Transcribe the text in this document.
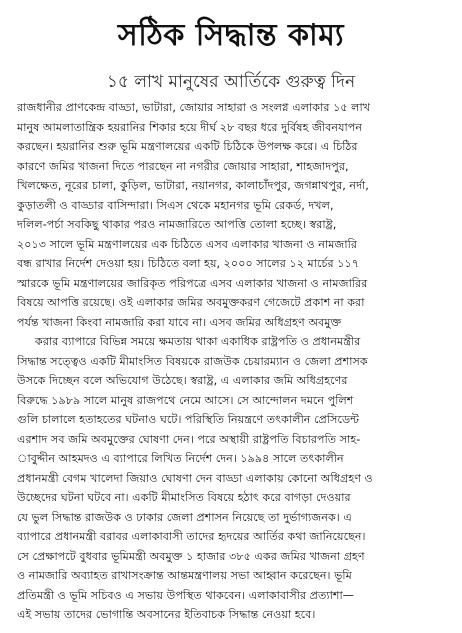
সঠিক সিদ্ধান্ত কাম্য
১৫ লাখ মানুষের আর্তিকে গুরুত্ব দিন
রাজধানীর প্রাণকেন্দ্র বাড্ডা, ভাটারা, জোয়ার সাহারা ও সংলগ্ন এলাকার ১৫ লাখ
মানুষ আমলাতান্ত্রিক হয়রানির শিকার হয়ে দীর্ঘ ২৮ বছর ধরে দুর্বিষহ জীবনযাপন
করছেন। হয়রানির শুরু ভূমি মন্ত্রণালয়ের একটি চিঠিকে উপলক্ষ করে। এ চিঠির
কারণে জমির খাজনা দিতে পারছেন না নগরীর জোয়ার সাহারা, শাহজাদপুর,
খিলক্ষেত, নূরের চালা, কুড়িল, ভাটারা, নয়ানগর, কালাচাঁদপুর, জগন্নাথপুর, নর্দা,
কুড়াতলী ও বাড্ডার বাসিন্দারা। সিএস থেকে মহানগর ভূমি রেকর্ড, দখল,
দলিল-পর্চা সবকিছু থাকার পরও নামজারিতে আপত্তি তোলা হচ্ছে। স্বরাষ্ট্র,
২০১৩ সালে ভূমি মন্ত্রণালয়ের এক চিঠিতে এসব এলাকার খাজনা ও নামজারি
বন্ধ রাখার নির্দেশ দেওয়া হয়। চিঠিতে বলা হয়, ২০০০ সালের ১২ মার্চের ১১৭
স্মারকে ভূমি মন্ত্রণালয়ের জারিকৃত পরিপত্রে এসব এলাকার খাজনা ও নামজারির
বিষয়ে আপত্তি রয়েছে। ওই এলাকার জমির অবমুক্তকরণ গেজেটে প্রকাশ না করা
পর্যন্ত খাজনা কিংবা নামজারি করা যাবে না। এসব জমির অধিগ্রহণ অবমুক্ত
করার ব্যাপারে বিভিন্ন সময়ে ক্ষমতায় থাকা একাধিক রাষ্ট্রপতি ও প্রধানমন্ত্রীর
সিদ্ধান্ত সত্ত্বেও একটি মীমাংসিত বিষয়কে রাজউক চেয়ারম্যান ও জেলা প্রশাসক
উসকে দিচ্ছেন বলে অভিযোগ উঠেছে। স্বরাষ্ট্র, এ এলাকার জমি অধিগ্রহণের
বিরুদ্ধে ১৯৮৯ সালে মানুষ রাজপথে নেমে আসে। সে আন্দোলন দমনে পুলিশ
গুলি চালালে হতাহতের ঘটনাও ঘটে। পরিস্থিতি নিয়ন্ত্রণে তৎকালীন প্রেসিডেন্ট
এরশাদ সব জমি অবমুক্তের ঘোষণা দেন। পরে অস্থায়ী রাষ্ট্রপতি বিচারপতি সাহ-
াবুদ্দীন আহমদও এ ব্যাপারে লিখিত নির্দেশ দেন। ১৯৯৪ সালে তৎকালীন
প্রধানমন্ত্রী বেগম খালেদা জিয়াও ঘোষণা দেন বাড্ডা এলাকায় কোনো অধিগ্রহণ ও
উচ্ছেদের ঘটনা ঘটবে না। একটি মীমাংসিত বিষয়ে হঠাৎ করে বাগড়া দেওয়ার
যে ভুল সিদ্ধান্ত রাজউক ও ঢাকার জেলা প্রশাসন নিয়েছে তা দুর্ভাগ্যজনক। এ
ব্যাপারে প্রধানমন্ত্রী বরাবর এলাকাবাসী তাদের হৃদয়ের আর্তির কথা জানিয়েছেন।
সে প্রেক্ষাপটে বুধবার ভূমিমন্ত্রী অবমুক্ত ১ হাজার ৩৮৫ একর জমির খাজনা গ্রহণ
ও নামজারি অব্যাহত রাখাসংক্রান্ত আন্তমন্ত্রণালয় সভা আহ্বান করেছেন। ভূমি
প্রতিমন্ত্রী ও ভূমি সচিবও এ সভায় উপস্থিত থাকবেন। এলাকাবাসীর প্রত্যাশা—
এই সভায় তাদের ভোগান্তি অবসানের ইতিবাচক সিদ্ধান্ত নেওয়া হবে।
